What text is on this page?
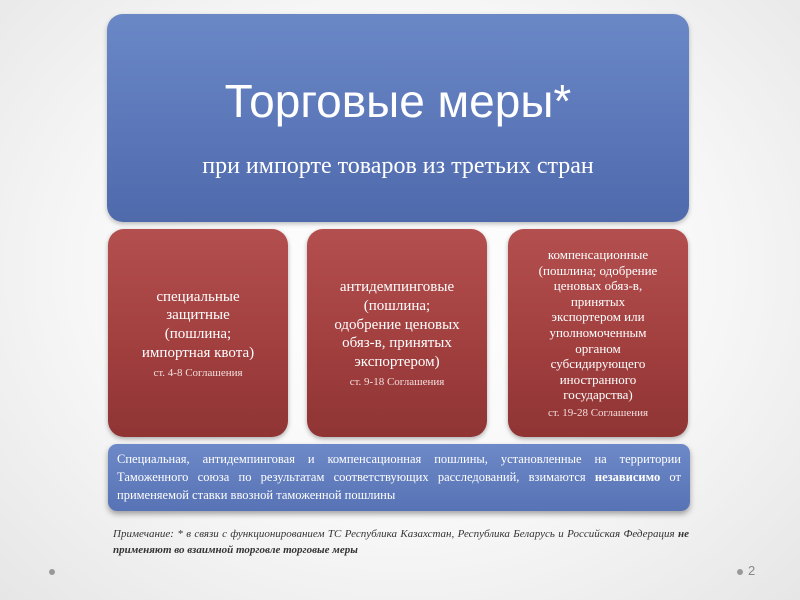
Торговые меры*
при импорте товаров из третьих стран
специальные
защитные
(пошлина;
импортная квота)
ст. 4-8 Соглашения
антидемпинговые
(пошлина;
одобрение ценовых
обяз-в, принятых
экспортером)
ст. 9-18 Соглашения
компенсационные
(пошлина; одобрение
ценовых обяз-в,
принятых
экспортером или
уполномоченным
органом
субсидирующего
иностранного
государства)
ст. 19-28 Соглашения
Специальная, антидемпинговая и компенсационная пошлины, установленные на территории Таможенного союза по результатам соответствующих расследований, взимаются независимо от применяемой ставки ввозной таможенной пошлины
Примечание: * в связи с функционированием ТС Республика Казахстан, Республика Беларусь и Российская Федерация не применяют во взаимной торговле торговые меры
2
